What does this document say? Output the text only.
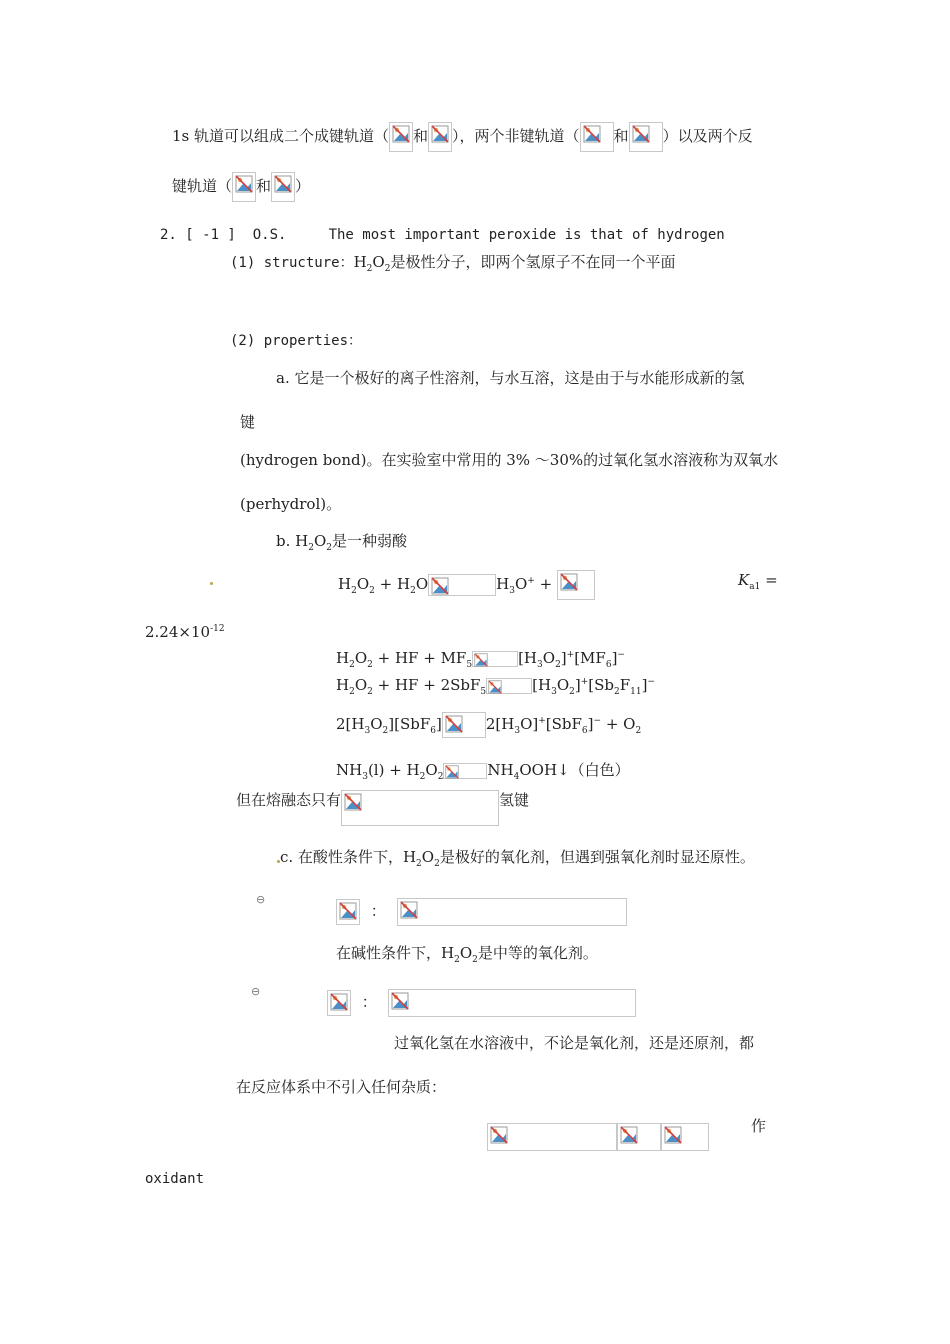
1s 轨道可以组成二个成键轨道（ 和 ），两个非键轨道（ 和 ）以及两个反
键轨道（ 和 ）
2. [ -1 ]  O.S.     The most important peroxide is that of hydrogen
(1) structure：$H_2O_2$是极性分子，即两个氢原子不在同一个平面
(2) properties：
a. 它是一个极好的离子性溶剂，与水互溶，这是由于与水能形成新的氢
键
(hydrogen bond)。在实验室中常用的 3% ～30%的过氧化氢水溶液称为双氧水
(perhydrol)。
b. $H_2O_2$是一种弱酸
$H_2O_2 + H_2O$	$H_3O^+$ +	$K_{a1}$ =
$2.24\times 10^{-12}$
$H_2O_2$ + HF + $MF_5$	$[H_3O_2]^+[MF_6]^-$
$H_2O_2$ + HF + 2SbF$_5$	$[H_3O_2]^+[Sb_2F_{11}]^-$
$2[H_3O_2][SbF_6]$	$2[H_3O]^+[SbF_6]^- + O_2$
$NH_3(l) + H_2O_2$	$NH_4OOH↓$（白色）
但在熔融态只有	氢键
c. 在酸性条件下，$H_2O_2$是极好的氧化剂，但遇到强氧化剂时显还原性。
⊖
：
在碱性条件下，$H_2O_2$是中等的氧化剂。
⊖
：
过氧化氢在水溶液中，不论是氧化剂，还是还原剂，都
在反应体系中不引入任何杂质：
作
oxidant
